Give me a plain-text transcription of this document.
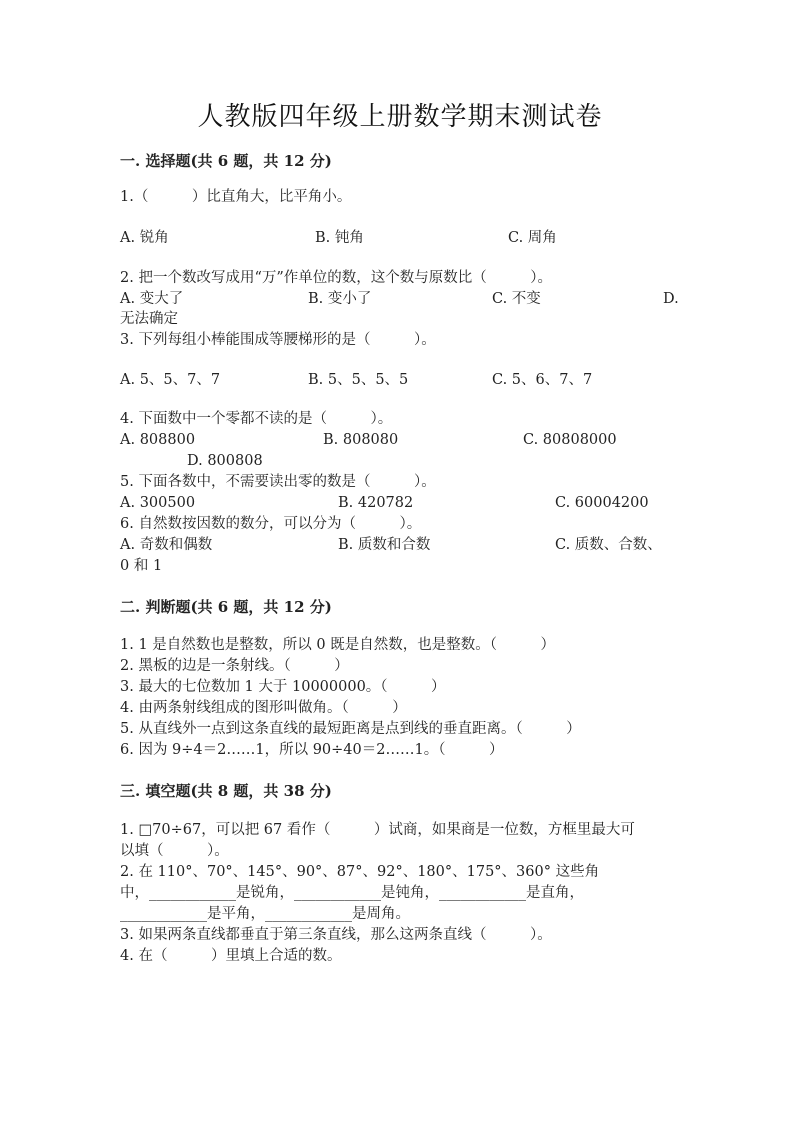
人教版四年级上册数学期末测试卷
一. 选择题(共 6 题，共 12 分)
1.（　　　）比直角大，比平角小。
A. 锐角	B. 钝角	C. 周角
2. 把一个数改写成用“万”作单位的数，这个数与原数比（　　　）。
A. 变大了	B. 变小了	C. 不变	D.
无法确定
3. 下列每组小棒能围成等腰梯形的是（　　　）。
A. 5、5、7、7	B. 5、5、5、5	C. 5、6、7、7
4. 下面数中一个零都不读的是（　　　）。
A. 808800	B. 808080	C. 80808000
D. 800808
5. 下面各数中，不需要读出零的数是（　　　）。
A. 300500	B. 420782	C. 60004200
6. 自然数按因数的数分，可以分为（　　　）。
A. 奇数和偶数	B. 质数和合数	C. 质数、合数、
0 和 1
二. 判断题(共 6 题，共 12 分)
1. 1 是自然数也是整数，所以 0 既是自然数，也是整数。（　　　）
2. 黑板的边是一条射线。（　　　）
3. 最大的七位数加 1 大于 10000000。（　　　）
4. 由两条射线组成的图形叫做角。（　　　）
5. 从直线外一点到这条直线的最短距离是点到线的垂直距离。（　　　）
6. 因为 9÷4＝2……1，所以 90÷40＝2……1。（　　　）
三. 填空题(共 8 题，共 38 分)
1. □70÷67，可以把 67 看作（　　　）试商，如果商是一位数，方框里最大可
以填（　　　）。
2. 在 110°、70°、145°、90°、87°、92°、180°、175°、360° 这些角
中，____________是锐角，____________是钝角，____________是直角，
____________是平角，____________是周角。
3. 如果两条直线都垂直于第三条直线，那么这两条直线（　　　）。
4. 在（　　　）里填上合适的数。
